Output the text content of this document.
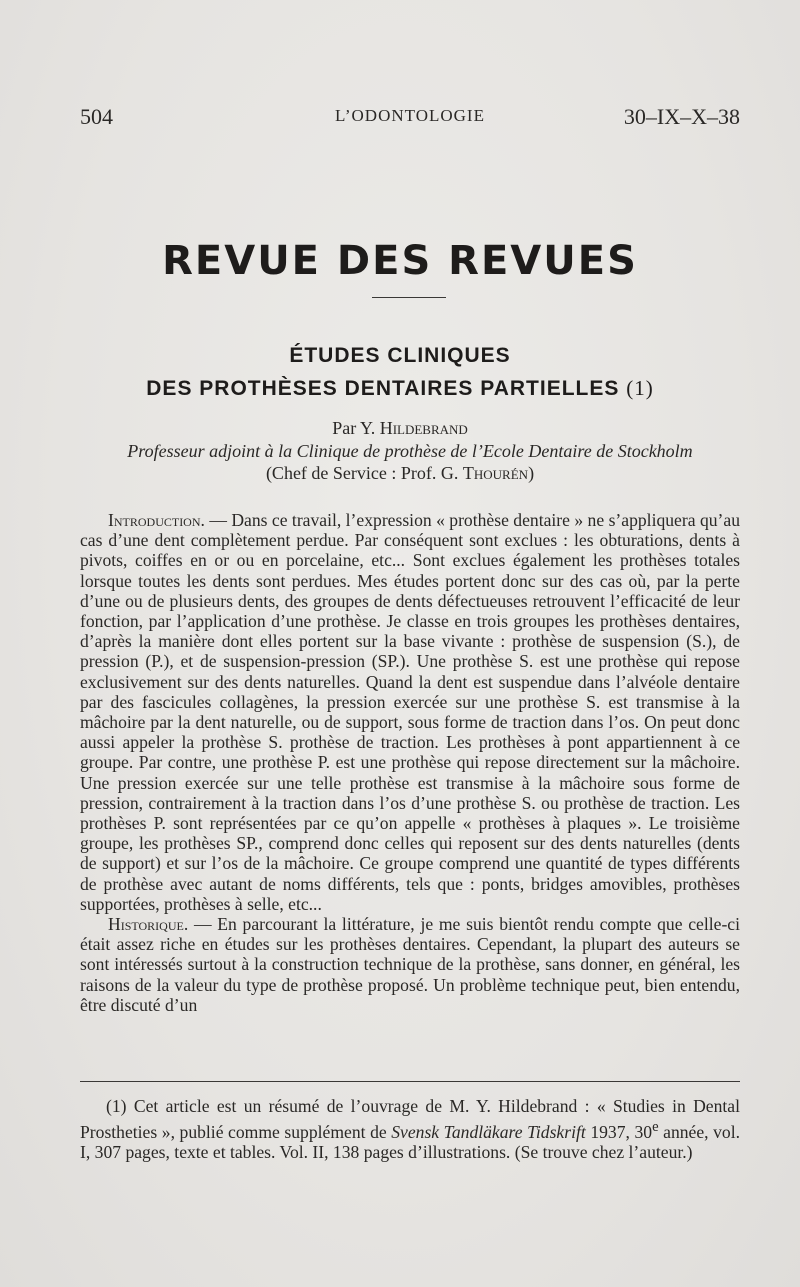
504	L’ODONTOLOGIE	30–IX–X–38
REVUE DES REVUES
ÉTUDES CLINIQUES
DES PROTHÈSES DENTAIRES PARTIELLES (1)
Par Y. Hildebrand
Professeur adjoint à la Clinique de prothèse de l’Ecole Dentaire de Stockholm
(Chef de Service : Prof. G. Thourén)

Introduction. — Dans ce travail, l’expression « prothèse dentaire » ne s’appliquera qu’au cas d’une dent complètement perdue. Par conséquent sont exclues : les obturations, dents à pivots, coiffes en or ou en porcelaine, etc... Sont exclues également les prothèses totales lorsque toutes les dents sont perdues. Mes études portent donc sur des cas où, par la perte d’une ou de plusieurs dents, des groupes de dents défectueuses retrouvent l’efficacité de leur fonction, par l’application d’une prothèse. Je classe en trois groupes les prothèses dentaires, d’après la manière dont elles portent sur la base vivante : prothèse de suspension (S.), de pression (P.), et de suspension-pression (SP.). Une prothèse S. est une prothèse qui repose exclusivement sur des dents naturelles. Quand la dent est suspendue dans l’alvéole dentaire par des fascicules collagènes, la pression exercée sur une prothèse S. est transmise à la mâchoire par la dent naturelle, ou de support, sous forme de traction dans l’os. On peut donc aussi appeler la prothèse S. prothèse de traction. Les prothèses à pont appartiennent à ce groupe. Par contre, une prothèse P. est une prothèse qui repose directement sur la mâchoire. Une pression exercée sur une telle prothèse est transmise à la mâchoire sous forme de pression, contrairement à la traction dans l’os d’une prothèse S. ou prothèse de traction. Les prothèses P. sont représentées par ce qu’on appelle « prothèses à plaques ». Le troisième groupe, les prothèses SP., comprend donc celles qui reposent sur des dents naturelles (dents de support) et sur l’os de la mâchoire. Ce groupe comprend une quantité de types différents de prothèse avec autant de noms différents, tels que : ponts, bridges amovibles, prothèses supportées, prothèses à selle, etc...

Historique. — En parcourant la littérature, je me suis bientôt rendu compte que celle-ci était assez riche en études sur les prothèses dentaires. Cependant, la plupart des auteurs se sont intéressés surtout à la construction technique de la prothèse, sans donner, en général, les raisons de la valeur du type de prothèse proposé. Un problème technique peut, bien entendu, être discuté d’un

(1) Cet article est un résumé de l’ouvrage de M. Y. Hildebrand : « Studies in Dental Prostheties », publié comme supplément de Svensk Tandläkare Tidskrift 1937, 30e année, vol. I, 307 pages, texte et tables. Vol. II, 138 pages d’illustrations. (Se trouve chez l’auteur.)
